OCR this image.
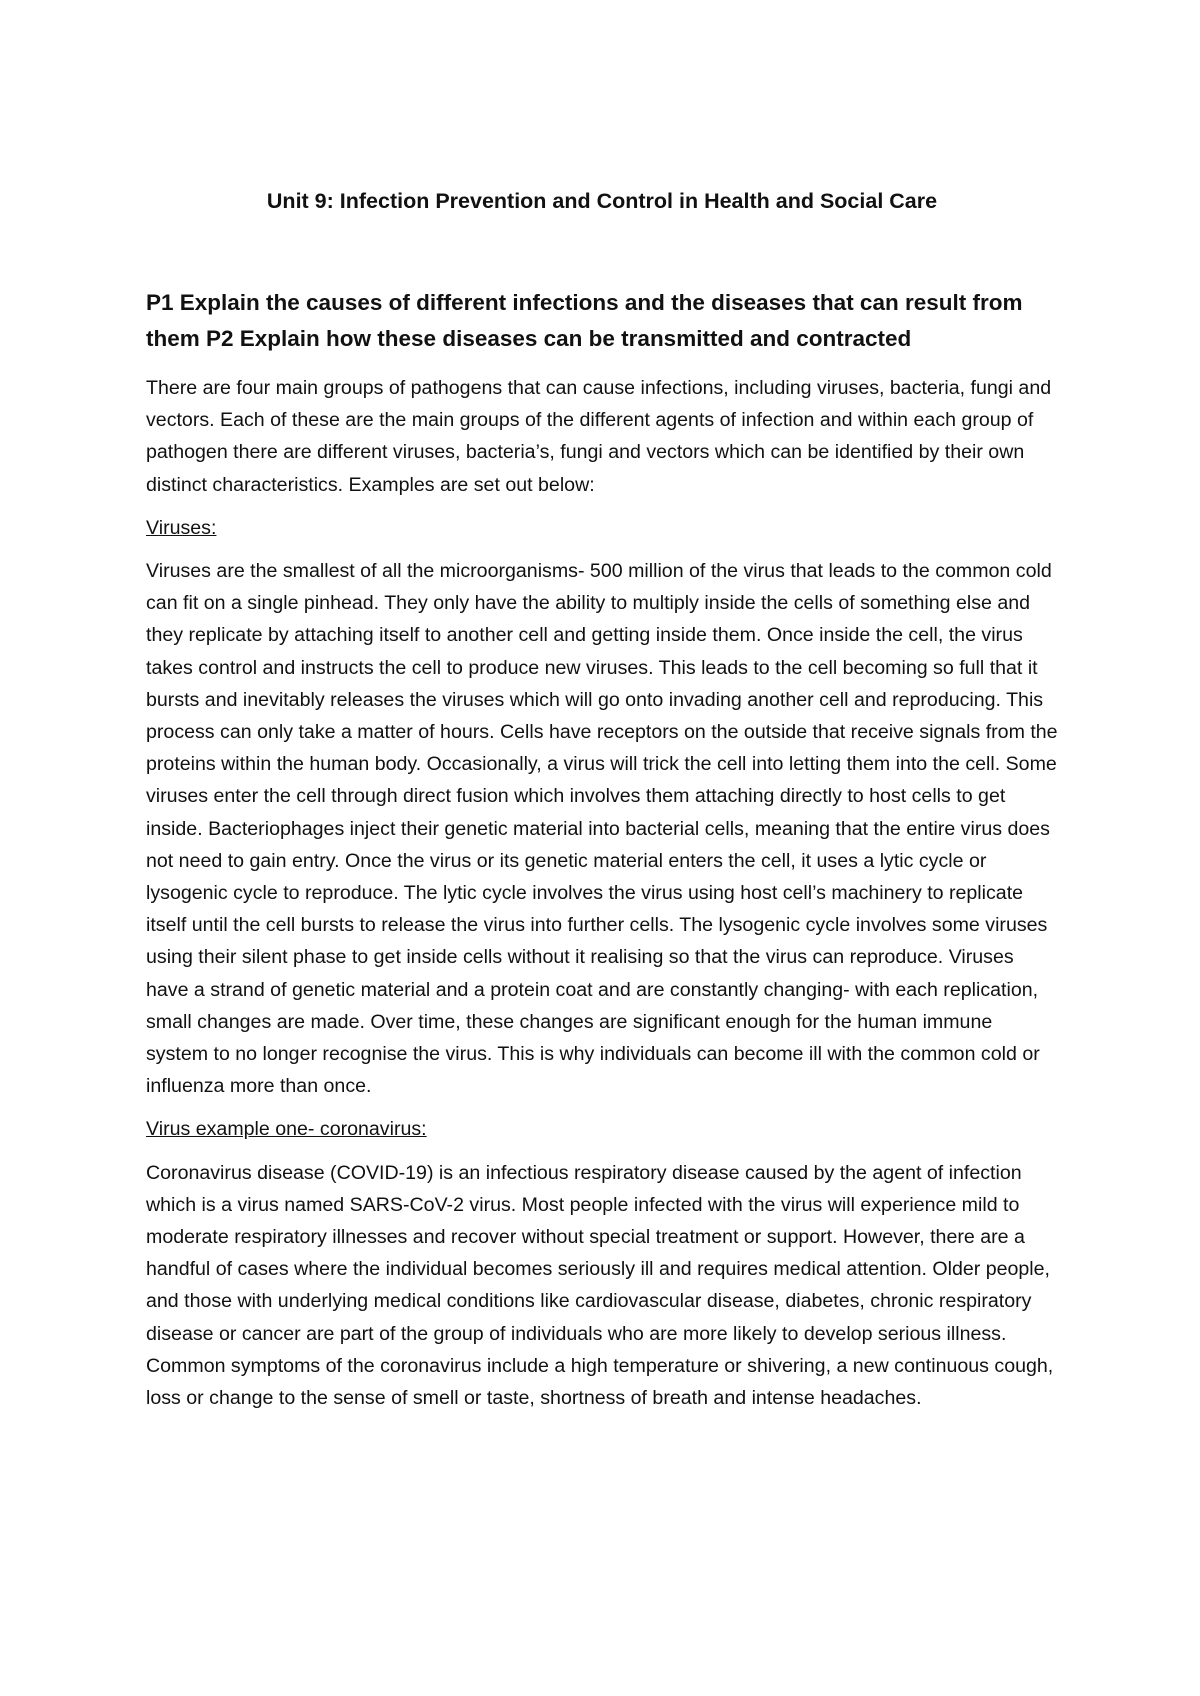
Unit 9: Infection Prevention and Control in Health and Social Care
P1 Explain the causes of different infections and the diseases that can result from them P2 Explain how these diseases can be transmitted and contracted

There are four main groups of pathogens that can cause infections, including viruses, bacteria, fungi and vectors. Each of these are the main groups of the different agents of infection and within each group of pathogen there are different viruses, bacteria’s, fungi and vectors which can be identified by their own distinct characteristics. Examples are set out below:

Viruses:

Viruses are the smallest of all the microorganisms- 500 million of the virus that leads to the common cold can fit on a single pinhead. They only have the ability to multiply inside the cells of something else and they replicate by attaching itself to another cell and getting inside them. Once inside the cell, the virus takes control and instructs the cell to produce new viruses. This leads to the cell becoming so full that it bursts and inevitably releases the viruses which will go onto invading another cell and reproducing. This process can only take a matter of hours. Cells have receptors on the outside that receive signals from the proteins within the human body. Occasionally, a virus will trick the cell into letting them into the cell. Some viruses enter the cell through direct fusion which involves them attaching directly to host cells to get inside. Bacteriophages inject their genetic material into bacterial cells, meaning that the entire virus does not need to gain entry. Once the virus or its genetic material enters the cell, it uses a lytic cycle or lysogenic cycle to reproduce. The lytic cycle involves the virus using host cell’s machinery to replicate itself until the cell bursts to release the virus into further cells. The lysogenic cycle involves some viruses using their silent phase to get inside cells without it realising so that the virus can reproduce. Viruses have a strand of genetic material and a protein coat and are constantly changing- with each replication, small changes are made. Over time, these changes are significant enough for the human immune system to no longer recognise the virus. This is why individuals can become ill with the common cold or influenza more than once.

Virus example one- coronavirus:

Coronavirus disease (COVID-19) is an infectious respiratory disease caused by the agent of infection which is a virus named SARS-CoV-2 virus. Most people infected with the virus will experience mild to moderate respiratory illnesses and recover without special treatment or support. However, there are a handful of cases where the individual becomes seriously ill and requires medical attention. Older people, and those with underlying medical conditions like cardiovascular disease, diabetes, chronic respiratory disease or cancer are part of the group of individuals who are more likely to develop serious illness. Common symptoms of the coronavirus include a high temperature or shivering, a new continuous cough, loss or change to the sense of smell or taste, shortness of breath and intense headaches.
